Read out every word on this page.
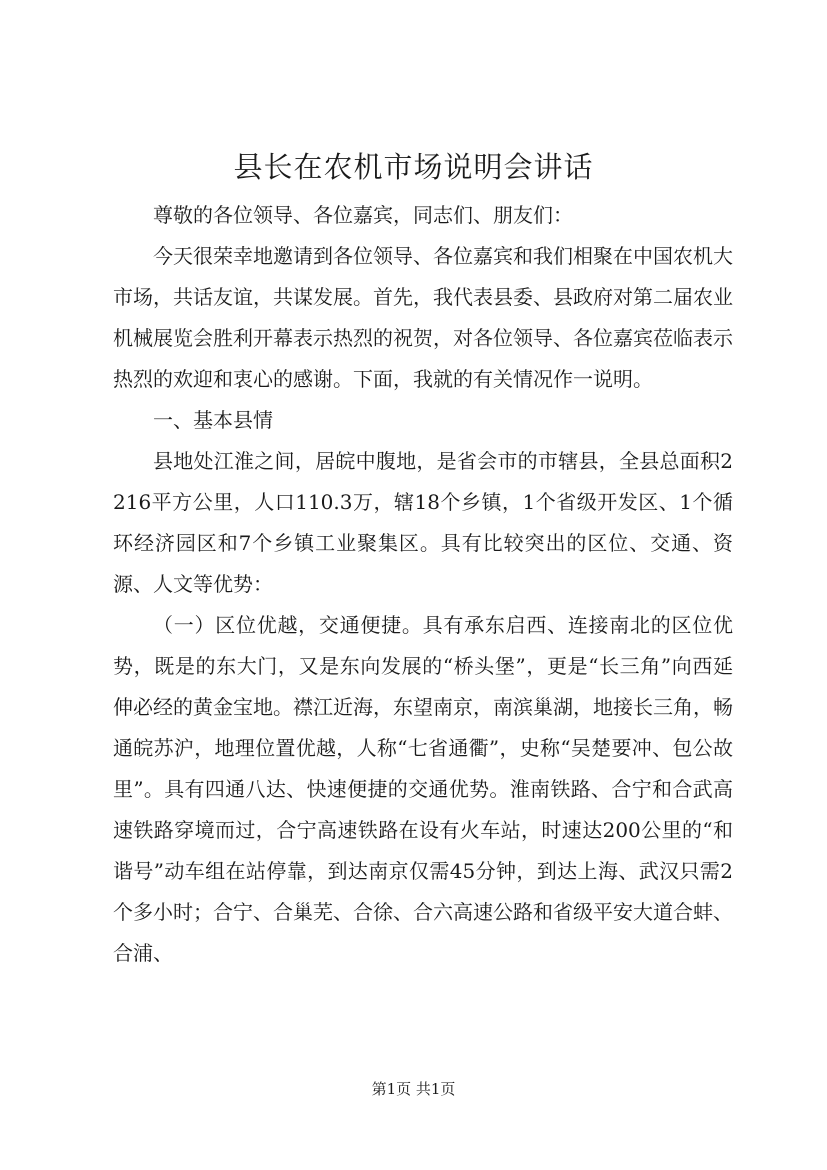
县长在农机市场说明会讲话

尊敬的各位领导、各位嘉宾，同志们、朋友们：

今天很荣幸地邀请到各位领导、各位嘉宾和我们相聚在中国农机大市场，共话友谊，共谋发展。首先，我代表县委、县政府对第二届农业机械展览会胜利开幕表示热烈的祝贺，对各位领导、各位嘉宾莅临表示热烈的欢迎和衷心的感谢。下面，我就的有关情况作一说明。

一、基本县情

县地处江淮之间，居皖中腹地，是省会市的市辖县，全县总面积2216平方公里，人口110.3万，辖18个乡镇，1个省级开发区、1个循环经济园区和7个乡镇工业聚集区。具有比较突出的区位、交通、资源、人文等优势：

（一）区位优越，交通便捷。具有承东启西、连接南北的区位优势，既是的东大门，又是东向发展的“桥头堡”，更是“长三角”向西延伸必经的黄金宝地。襟江近海，东望南京，南滨巢湖，地接长三角，畅通皖苏沪，地理位置优越，人称“七省通衢”，史称“吴楚要冲、包公故里”。具有四通八达、快速便捷的交通优势。淮南铁路、合宁和合武高速铁路穿境而过，合宁高速铁路在设有火车站，时速达200公里的“和谐号”动车组在站停靠，到达南京仅需45分钟，到达上海、武汉只需2个多小时；合宁、合巢芜、合徐、合六高速公路和省级平安大道合蚌、合浦、

第1页 共1页
